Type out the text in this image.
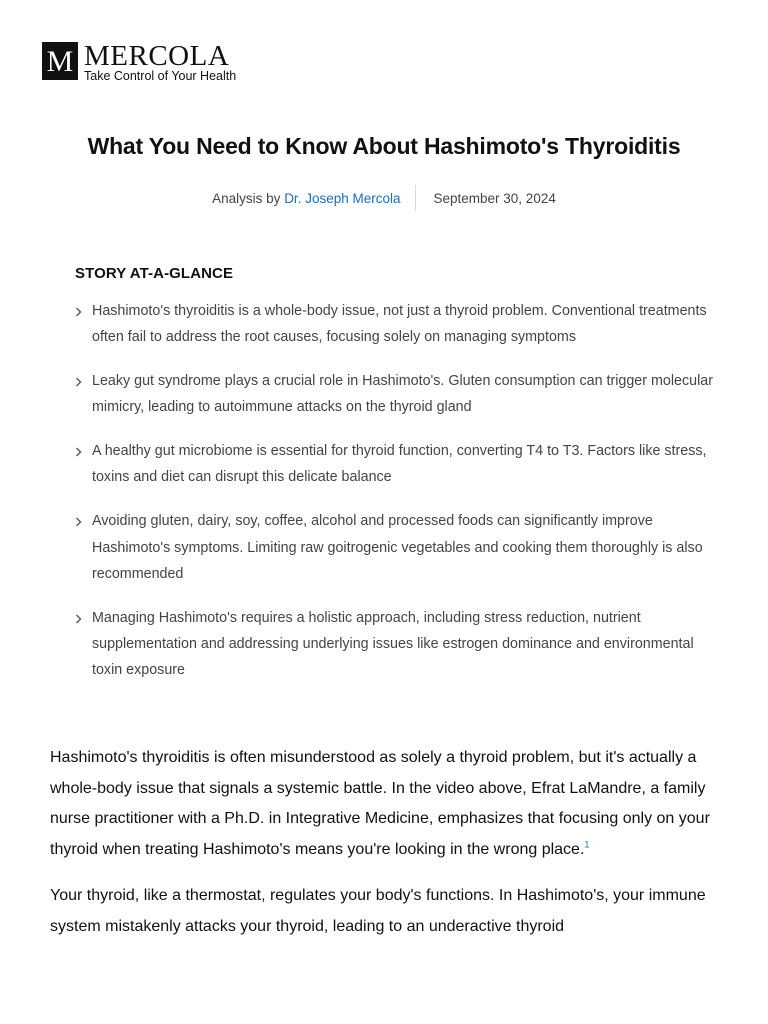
M MERCOLA
Take Control of Your Health
What You Need to Know About Hashimoto's Thyroiditis
Analysis by Dr. Joseph Mercola	September 30, 2024
STORY AT-A-GLANCE
Hashimoto's thyroiditis is a whole-body issue, not just a thyroid problem. Conventional treatments often fail to address the root causes, focusing solely on managing symptoms
Leaky gut syndrome plays a crucial role in Hashimoto's. Gluten consumption can trigger molecular mimicry, leading to autoimmune attacks on the thyroid gland
A healthy gut microbiome is essential for thyroid function, converting T4 to T3. Factors like stress, toxins and diet can disrupt this delicate balance
Avoiding gluten, dairy, soy, coffee, alcohol and processed foods can significantly improve Hashimoto's symptoms. Limiting raw goitrogenic vegetables and cooking them thoroughly is also recommended
Managing Hashimoto's requires a holistic approach, including stress reduction, nutrient supplementation and addressing underlying issues like estrogen dominance and environmental toxin exposure

Hashimoto's thyroiditis is often misunderstood as solely a thyroid problem, but it's actually a whole-body issue that signals a systemic battle. In the video above, Efrat LaMandre, a family nurse practitioner with a Ph.D. in Integrative Medicine, emphasizes that focusing only on your thyroid when treating Hashimoto's means you're looking in the wrong place.$^1$

Your thyroid, like a thermostat, regulates your body's functions. In Hashimoto's, your immune system mistakenly attacks your thyroid, leading to an underactive thyroid
